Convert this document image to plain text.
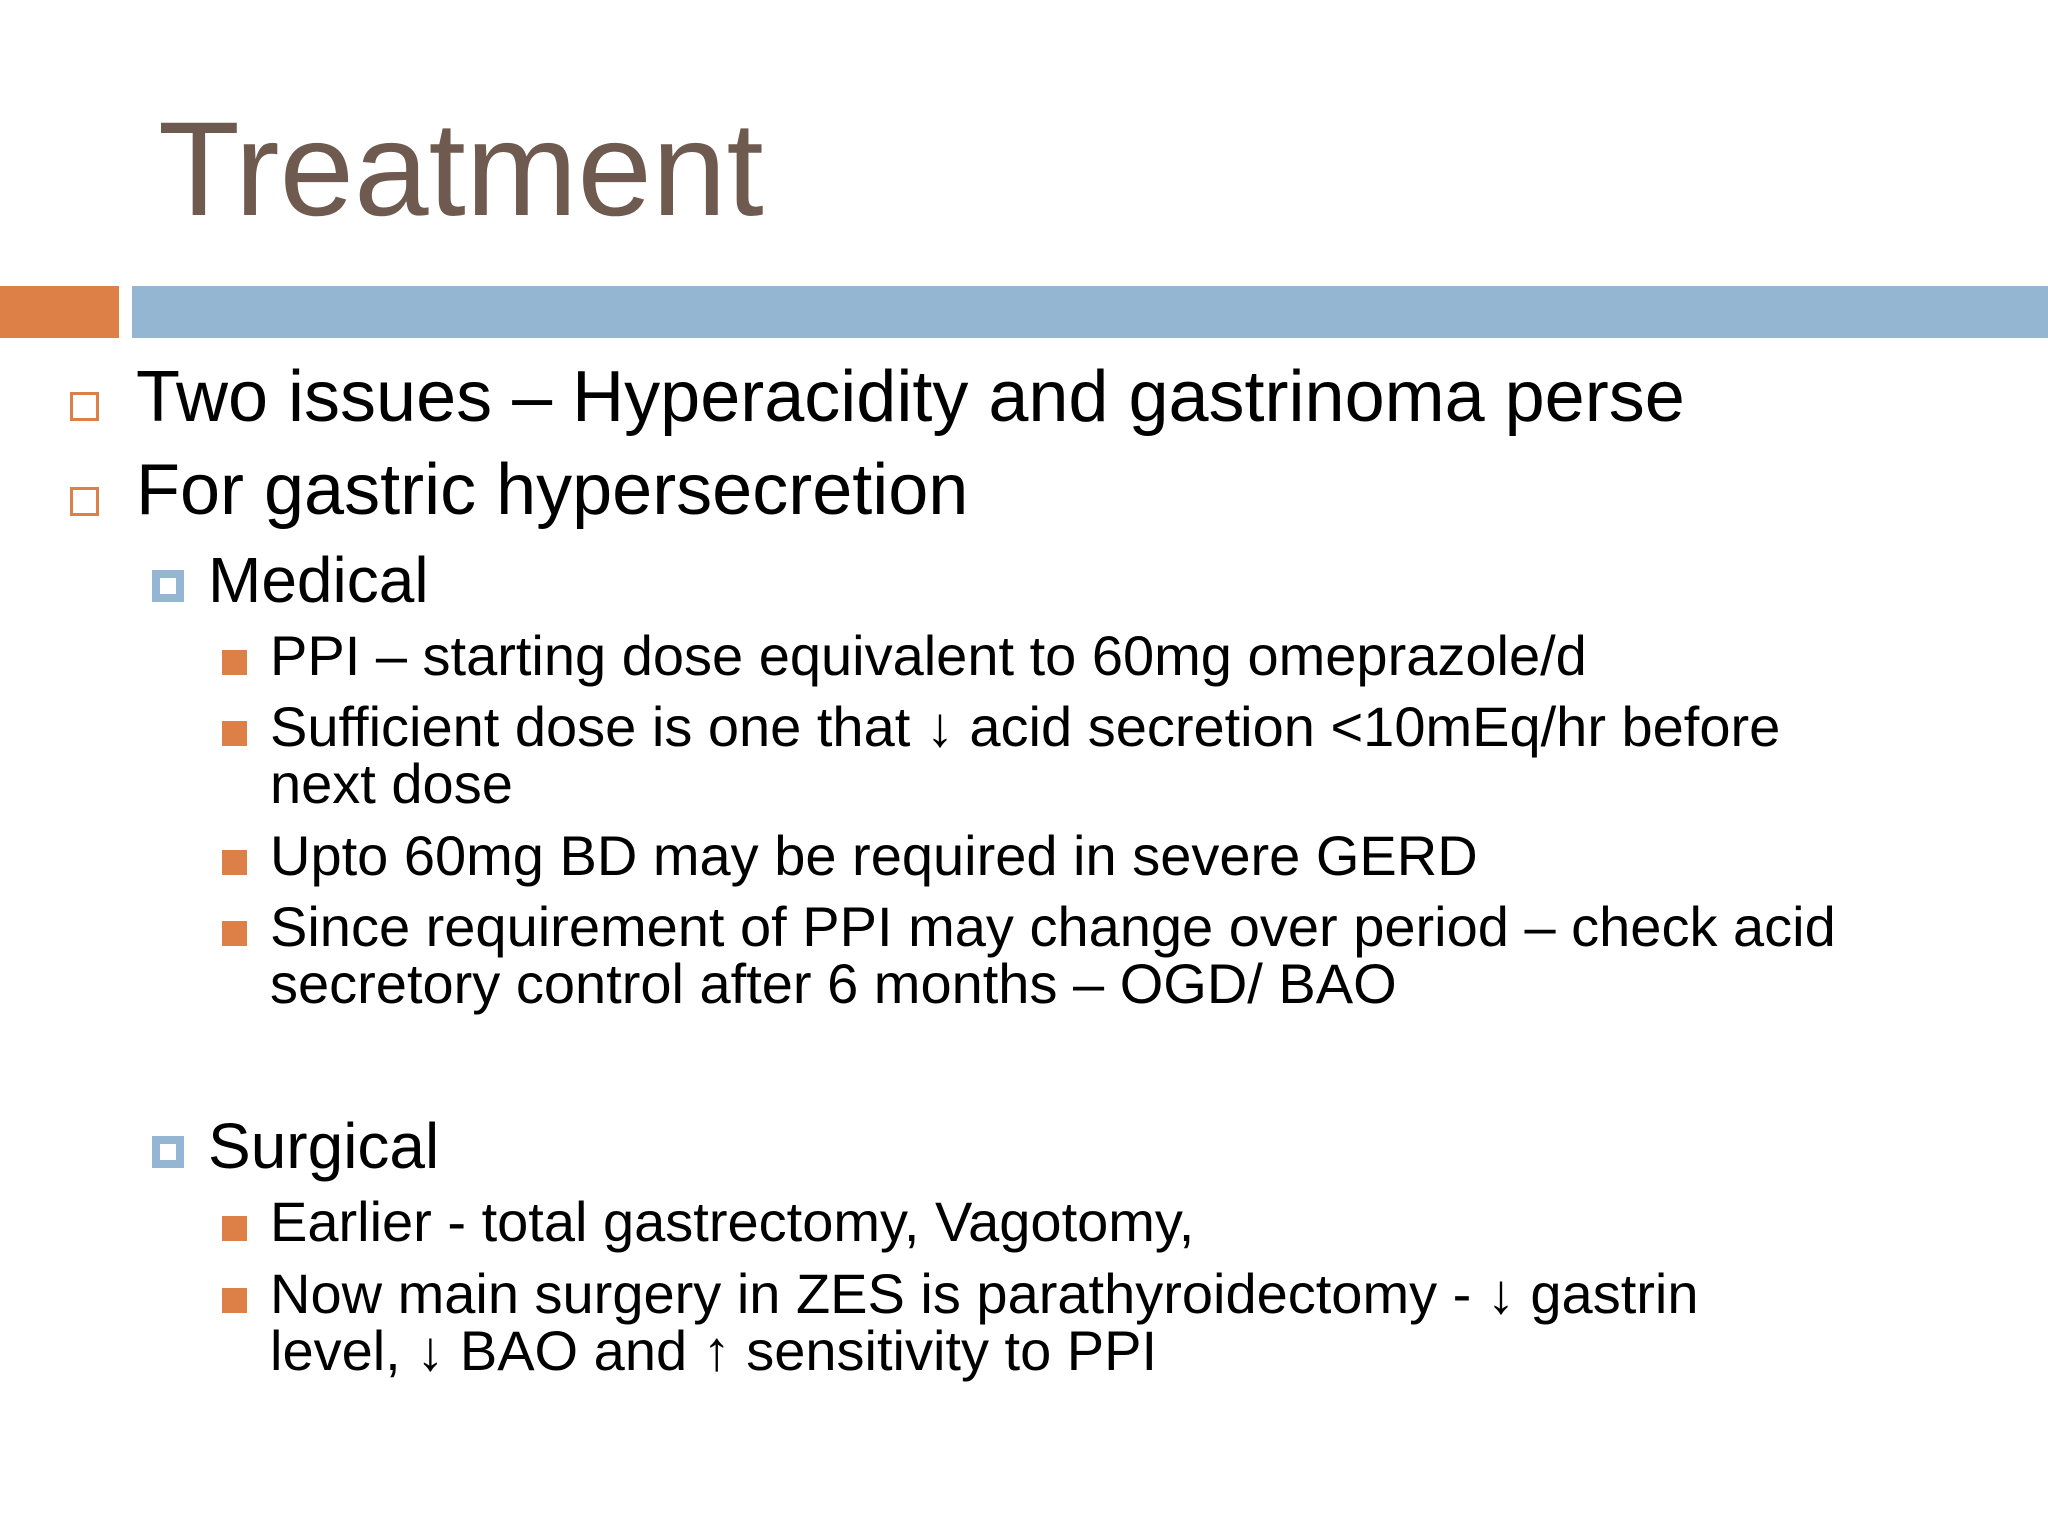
Treatment
Two issues – Hyperacidity and gastrinoma perse
For gastric hypersecretion
Medical
PPI – starting dose equivalent to 60mg omeprazole/d
Sufficient dose is one that ↓ acid secretion <10mEq/hr before
next dose
Upto 60mg BD may be required in severe GERD
Since requirement of PPI may change over period – check acid
secretory control after 6 months – OGD/ BAO
Surgical
Earlier - total gastrectomy, Vagotomy,
Now main surgery in ZES is parathyroidectomy - ↓ gastrin
level, ↓ BAO and ↑ sensitivity to PPI
